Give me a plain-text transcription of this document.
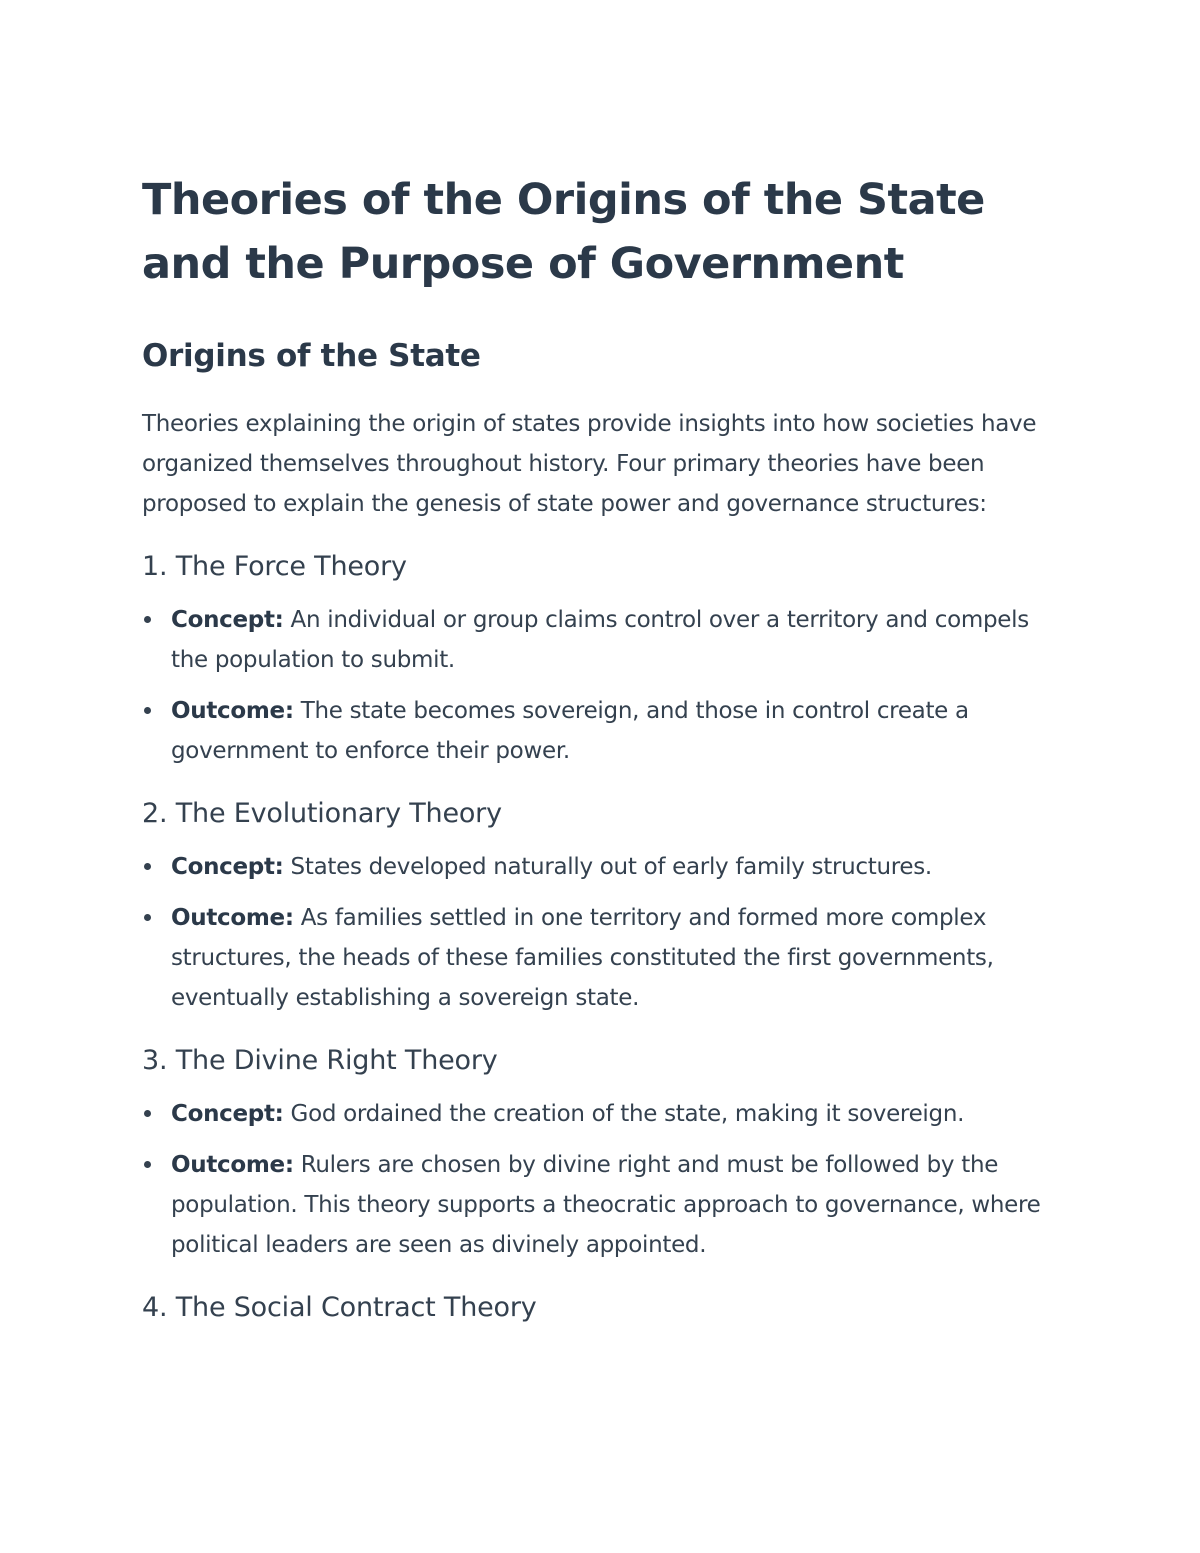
Theories of the Origins of the State and the Purpose of Government
Origins of the State

Theories explaining the origin of states provide insights into how societies have organized themselves throughout history. Four primary theories have been proposed to explain the genesis of state power and governance structures:

1. The Force Theory
Concept: An individual or group claims control over a territory and compels the population to submit.
Outcome: The state becomes sovereign, and those in control create a government to enforce their power.
2. The Evolutionary Theory
Concept: States developed naturally out of early family structures.
Outcome: As families settled in one territory and formed more complex structures, the heads of these families constituted the first governments, eventually establishing a sovereign state.
3. The Divine Right Theory
Concept: God ordained the creation of the state, making it sovereign.
Outcome: Rulers are chosen by divine right and must be followed by the population. This theory supports a theocratic approach to governance, where political leaders are seen as divinely appointed.
4. The Social Contract Theory
